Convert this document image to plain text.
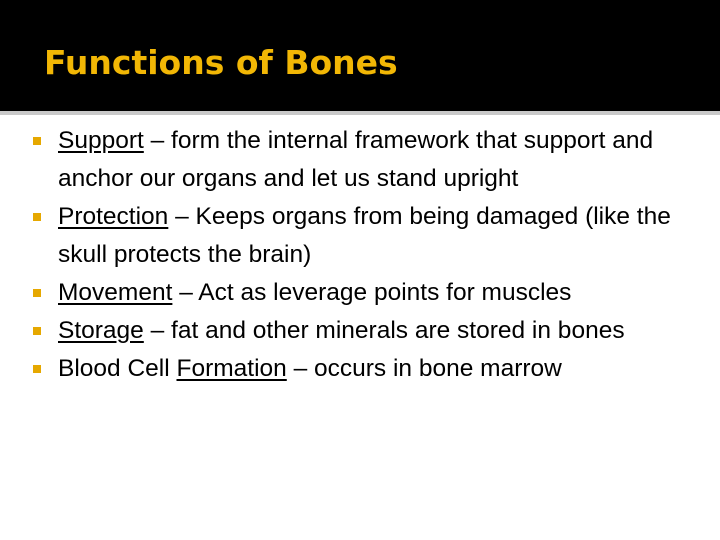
Functions of Bones
Support – form the internal framework that support and anchor our organs and let us stand upright
Protection – Keeps organs from being damaged (like the skull protects the brain)
Movement – Act as leverage points for muscles
Storage – fat and other minerals are stored in bones
Blood Cell Formation – occurs in bone marrow
